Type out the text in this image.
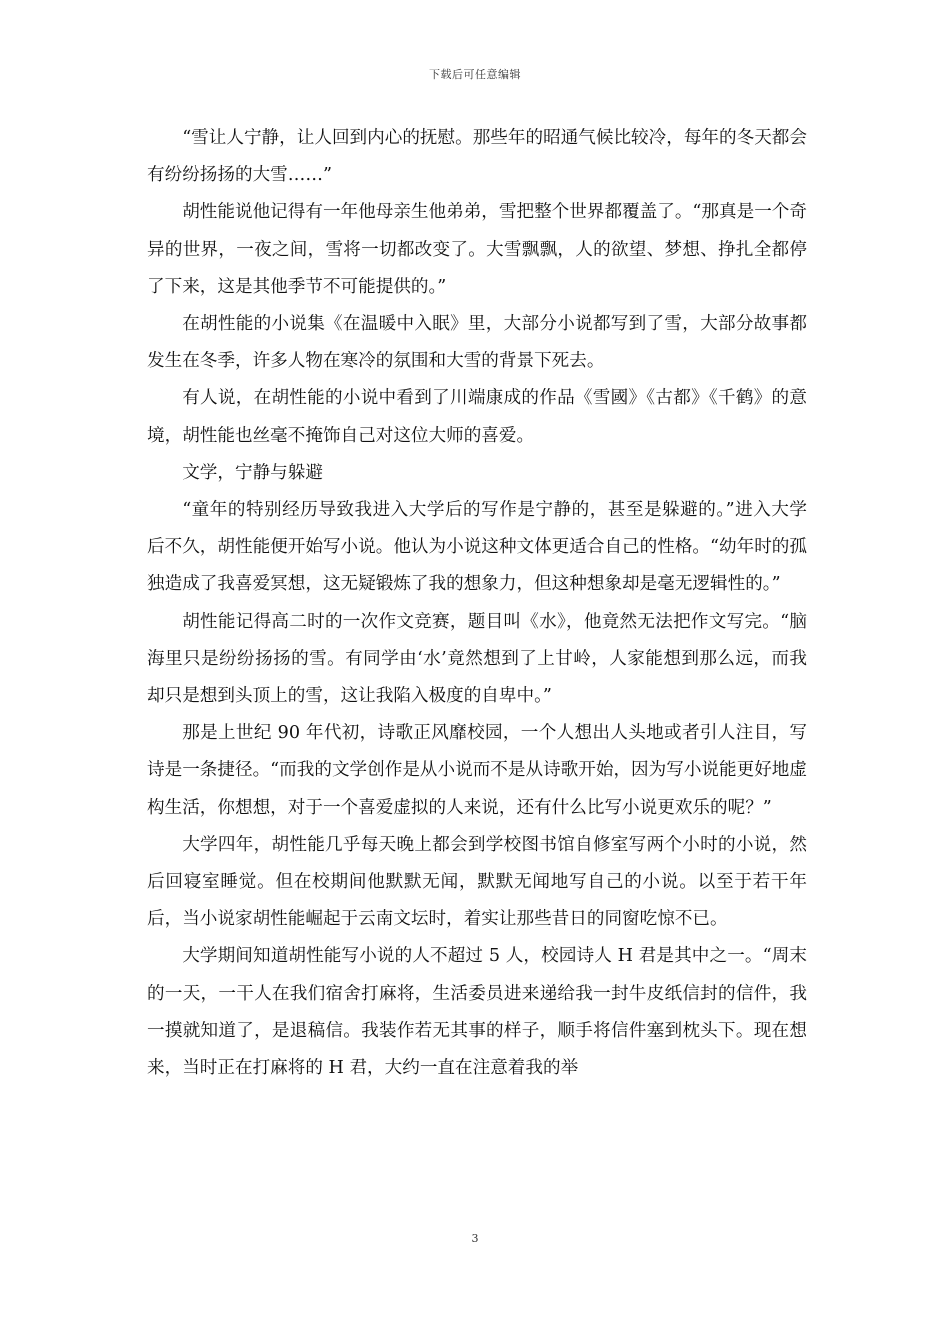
下载后可任意编辑

“雪让人宁静，让人回到内心的抚慰。那些年的昭通气候比较冷，每年的冬天都会有纷纷扬扬的大雪……”

胡性能说他记得有一年他母亲生他弟弟，雪把整个世界都覆盖了。“那真是一个奇异的世界，一夜之间，雪将一切都改变了。大雪飘飘，人的欲望、梦想、挣扎全都停了下来，这是其他季节不可能提供的。”

在胡性能的小说集《在温暖中入眠》里，大部分小说都写到了雪，大部分故事都发生在冬季，许多人物在寒冷的氛围和大雪的背景下死去。

有人说，在胡性能的小说中看到了川端康成的作品《雪國》《古都》《千鹤》的意境，胡性能也丝毫不掩饰自己对这位大师的喜爱。

文学，宁静与躲避

“童年的特别经历导致我进入大学后的写作是宁静的，甚至是躲避的。”进入大学后不久，胡性能便开始写小说。他认为小说这种文体更适合自己的性格。“幼年时的孤独造成了我喜爱冥想，这无疑锻炼了我的想象力，但这种想象却是毫无逻辑性的。”

胡性能记得高二时的一次作文竞赛，题目叫《水》，他竟然无法把作文写完。“脑海里只是纷纷扬扬的雪。有同学由‘水’竟然想到了上甘岭，人家能想到那么远，而我却只是想到头顶上的雪，这让我陷入极度的自卑中。”

那是上世纪 90 年代初，诗歌正风靡校园，一个人想出人头地或者引人注目，写诗是一条捷径。“而我的文学创作是从小说而不是从诗歌开始，因为写小说能更好地虚构生活，你想想，对于一个喜爱虚拟的人来说，还有什么比写小说更欢乐的呢？”

大学四年，胡性能几乎每天晚上都会到学校图书馆自修室写两个小时的小说，然后回寝室睡觉。但在校期间他默默无闻，默默无闻地写自己的小说。以至于若干年后，当小说家胡性能崛起于云南文坛时，着实让那些昔日的同窗吃惊不已。

大学期间知道胡性能写小说的人不超过 5 人，校园诗人 H 君是其中之一。“周末的一天，一干人在我们宿舍打麻将，生活委员进来递给我一封牛皮纸信封的信件，我一摸就知道了，是退稿信。我装作若无其事的样子，顺手将信件塞到枕头下。现在想来，当时正在打麻将的 H 君，大约一直在注意着我的举

3
